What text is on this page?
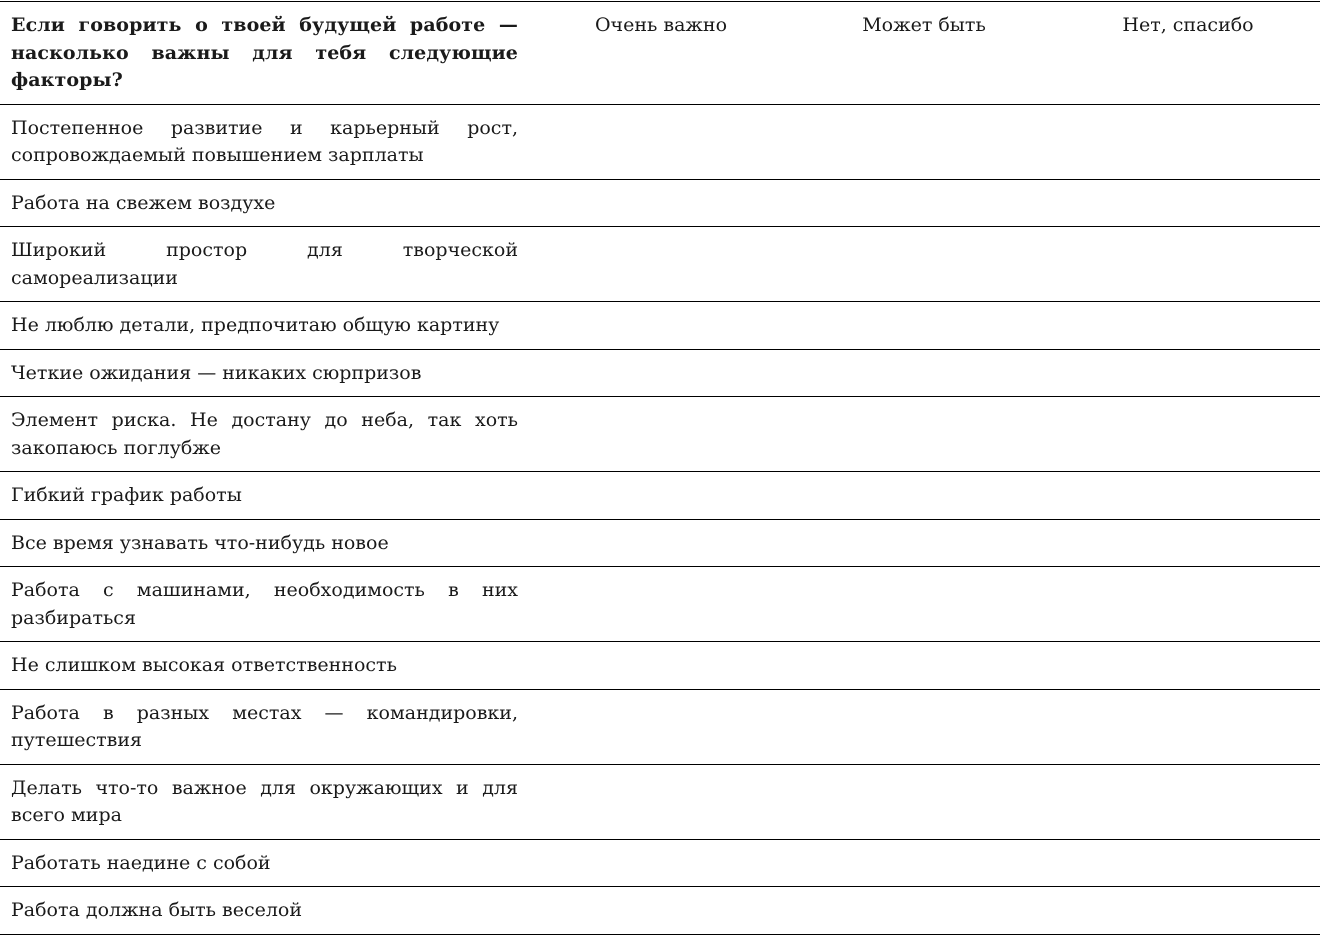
Если говорить о твоей будущей работе — насколько важны для тебя следующие факторы?	Очень важно	Может быть	Нет, спасибо
Постепенное развитие и карьерный рост, сопровождаемый повышением зарплаты			
Работа на свежем воздухе			
Широкий простор для творческой самореализации			
Не люблю детали, предпочитаю общую картину			
Четкие ожидания — никаких сюрпризов			
Элемент риска. Не достану до неба, так хоть закопаюсь поглубже			
Гибкий график работы			
Все время узнавать что-нибудь новое			
Работа с машинами, необходимость в них разбираться			
Не слишком высокая ответственность			
Работа в разных местах — командировки, путешествия			
Делать что-то важное для окружающих и для всего мира			
Работать наедине с собой			
Работа должна быть веселой			
